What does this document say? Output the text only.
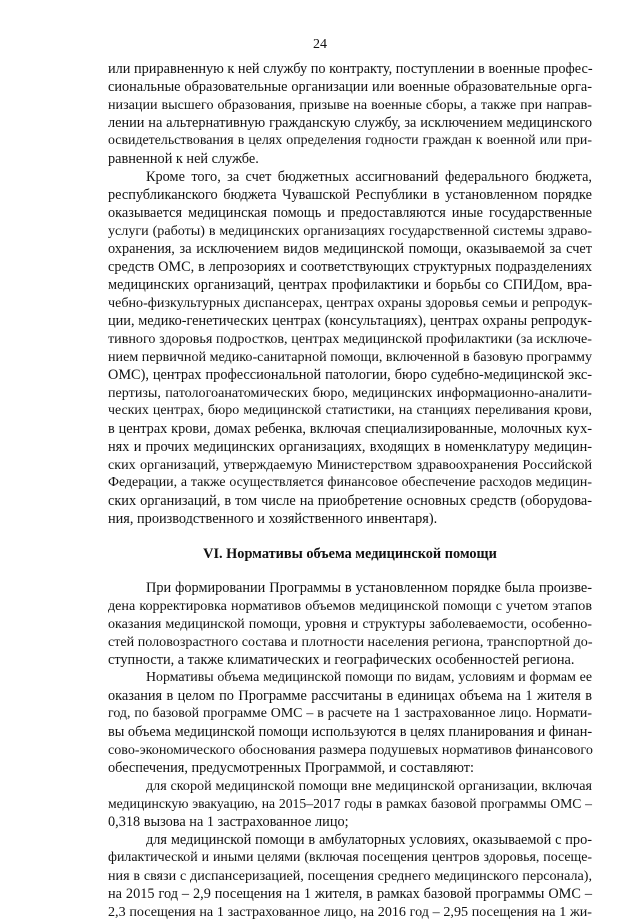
24
или приравненную к ней службу по контракту, поступлении в военные профес-
сиональные образовательные организации или военные образовательные орга-
низации высшего образования, призыве на военные сборы, а также при направ-
лении на альтернативную гражданскую службу, за исключением медицинского
освидетельствования в целях определения годности граждан к военной или при-
равненной к ней службе.
Кроме того, за счет бюджетных ассигнований федерального бюджета,
республиканского бюджета Чувашской Республики в установленном порядке
оказывается медицинская помощь и предоставляются иные государственные
услуги (работы) в медицинских организациях государственной системы здраво-
охранения, за исключением видов медицинской помощи, оказываемой за счет
средств ОМС, в лепрозориях и соответствующих структурных подразделениях
медицинских организаций, центрах профилактики и борьбы со СПИДом, вра-
чебно-физкультурных диспансерах, центрах охраны здоровья семьи и репродук-
ции, медико-генетических центрах (консультациях), центрах охраны репродук-
тивного здоровья подростков, центрах медицинской профилактики (за исключе-
нием первичной медико-санитарной помощи, включенной в базовую программу
ОМС), центрах профессиональной патологии, бюро судебно-медицинской экс-
пертизы, патологоанатомических бюро, медицинских информационно-аналити-
ческих центрах, бюро медицинской статистики, на станциях переливания крови,
в центрах крови, домах ребенка, включая специализированные, молочных кух-
нях и прочих медицинских организациях, входящих в номенклатуру медицин-
ских организаций, утверждаемую Министерством здравоохранения Российской
Федерации, а также осуществляется финансовое обеспечение расходов медицин-
ских организаций, в том числе на приобретение основных средств (оборудова-
ния, производственного и хозяйственного инвентаря).
VI. Нормативы объема медицинской помощи
При формировании Программы в установленном порядке была произве-
дена корректировка нормативов объемов медицинской помощи с учетом этапов
оказания медицинской помощи, уровня и структуры заболеваемости, особенно-
стей половозрастного состава и плотности населения региона, транспортной до-
ступности, а также климатических и географических особенностей региона.
Нормативы объема медицинской помощи по видам, условиям и формам ее
оказания в целом по Программе рассчитаны в единицах объема на 1 жителя в
год, по базовой программе ОМС – в расчете на 1 застрахованное лицо. Нормати-
вы объема медицинской помощи используются в целях планирования и финан-
сово-экономического обоснования размера подушевых нормативов финансового
обеспечения, предусмотренных Программой, и составляют:
для скорой медицинской помощи вне медицинской организации, включая
медицинскую эвакуацию, на 2015–2017 годы в рамках базовой программы ОМС –
0,318 вызова на 1 застрахованное лицо;
для медицинской помощи в амбулаторных условиях, оказываемой с про-
филактической и иными целями (включая посещения центров здоровья, посеще-
ния в связи с диспансеризацией, посещения среднего медицинского персонала),
на 2015 год – 2,9 посещения на 1 жителя, в рамках базовой программы ОМС –
2,3 посещения на 1 застрахованное лицо, на 2016 год – 2,95 посещения на 1 жи-
